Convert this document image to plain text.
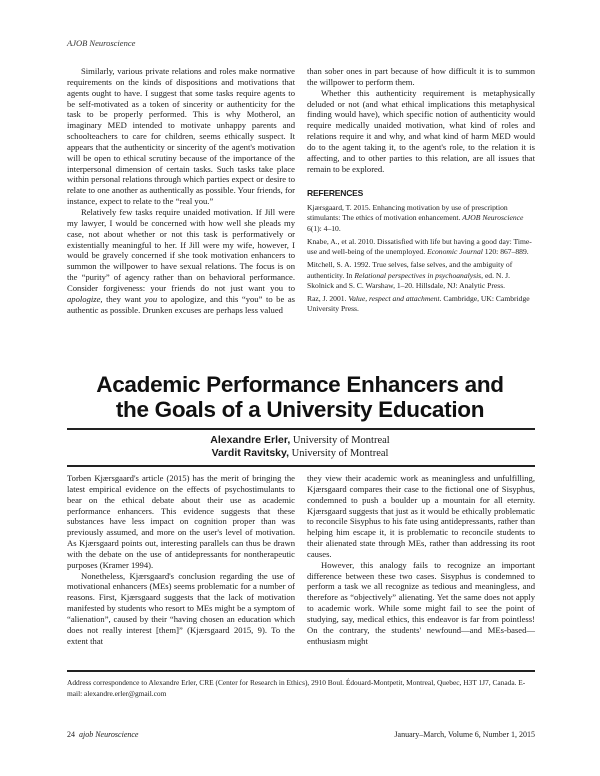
AJOB Neuroscience

Similarly, various private relations and roles make normative requirements on the kinds of dispositions and motivations that agents ought to have. I suggest that some tasks require agents to be self-motivated as a token of sincerity or authenticity for the task to be properly performed. This is why Motherol, an imaginary MED intended to motivate unhappy parents and schoolteachers to care for children, seems ethically suspect. It appears that the authenticity or sincerity of the agent's motivation will be open to ethical scrutiny because of the importance of the interpersonal dimension of certain tasks. Such tasks take place within personal relations through which parties expect or desire to relate to one another as authentically as possible. Your friends, for instance, expect to relate to the “real you.”

Relatively few tasks require unaided motivation. If Jill were my lawyer, I would be concerned with how well she pleads my case, not about whether or not this task is performatively or existentially meaningful to her. If Jill were my wife, however, I would be gravely concerned if she took motivation enhancers to summon the willpower to have sexual relations. The focus is on the “purity” of agency rather than on behavioral performance. Consider forgiveness: your friends do not just want you to apologize, they want you to apologize, and this “you” to be as authentic as possible. Drunken excuses are perhaps less valued

than sober ones in part because of how difficult it is to summon the willpower to perform them.

Whether this authenticity requirement is metaphysically deluded or not (and what ethical implications this metaphysical finding would have), which specific notion of authenticity would require medically unaided motivation, what kind of roles and relations require it and why, and what kind of harm MED would do to the agent taking it, to the agent's role, to the relation it is affecting, and to other parties to this relation, are all issues that remain to be explored.

REFERENCES
Kjærsgaard, T. 2015. Enhancing motivation by use of prescription stimulants: The ethics of motivation enhancement. AJOB Neuroscience 6(1): 4–10.
Knabe, A., et al. 2010. Dissatisfied with life but having a good day: Time-use and well-being of the unemployed. Economic Journal 120: 867–889.
Mitchell, S. A. 1992. True selves, false selves, and the ambiguity of authenticity. In Relational perspectives in psychoanalysis, ed. N. J. Skolnick and S. C. Warshaw, 1–20. Hillsdale, NJ: Analytic Press.
Raz, J. 2001. Value, respect and attachment. Cambridge, UK: Cambridge University Press.
Academic Performance Enhancers and
the Goals of a University Education
Alexandre Erler, University of Montreal
Vardit Ravitsky, University of Montreal

Torben Kjærsgaard's article (2015) has the merit of bringing the latest empirical evidence on the effects of psychostimulants to bear on the ethical debate about their use as academic performance enhancers. This evidence suggests that these substances have less impact on cognition proper than was previously assumed, and more on the user's level of motivation. As Kjærsgaard points out, interesting parallels can thus be drawn with the debate on the use of antidepressants for nontherapeutic purposes (Kramer 1994).

Nonetheless, Kjærsgaard's conclusion regarding the use of motivational enhancers (MEs) seems problematic for a number of reasons. First, Kjærsgaard suggests that the lack of motivation manifested by students who resort to MEs might be a symptom of “alienation”, caused by their “having chosen an education which does not really interest [them]” (Kjærsgaard 2015, 9). To the extent that

they view their academic work as meaningless and unfulfilling, Kjærsgaard compares their case to the fictional one of Sisyphus, condemned to push a boulder up a mountain for all eternity. Kjærsgaard suggests that just as it would be ethically problematic to reconcile Sisyphus to his fate using antidepressants, rather than helping him escape it, it is problematic to reconcile students to their alienated state through MEs, rather than addressing its root causes.

However, this analogy fails to recognize an important difference between these two cases. Sisyphus is condemned to perform a task we all recognize as tedious and meaningless, and therefore as “objectively” alienating. Yet the same does not apply to academic work. While some might fail to see the point of studying, say, medical ethics, this endeavor is far from pointless! On the contrary, the students' newfound—and MEs-based—enthusiasm might

Address correspondence to Alexandre Erler, CRE (Center for Research in Ethics), 2910 Boul. Édouard-Montpetit, Montreal, Quebec, H3T 1J7, Canada. E-mail: alexandre.erler@gmail.com
24 ajob Neuroscience	January–March, Volume 6, Number 1, 2015
